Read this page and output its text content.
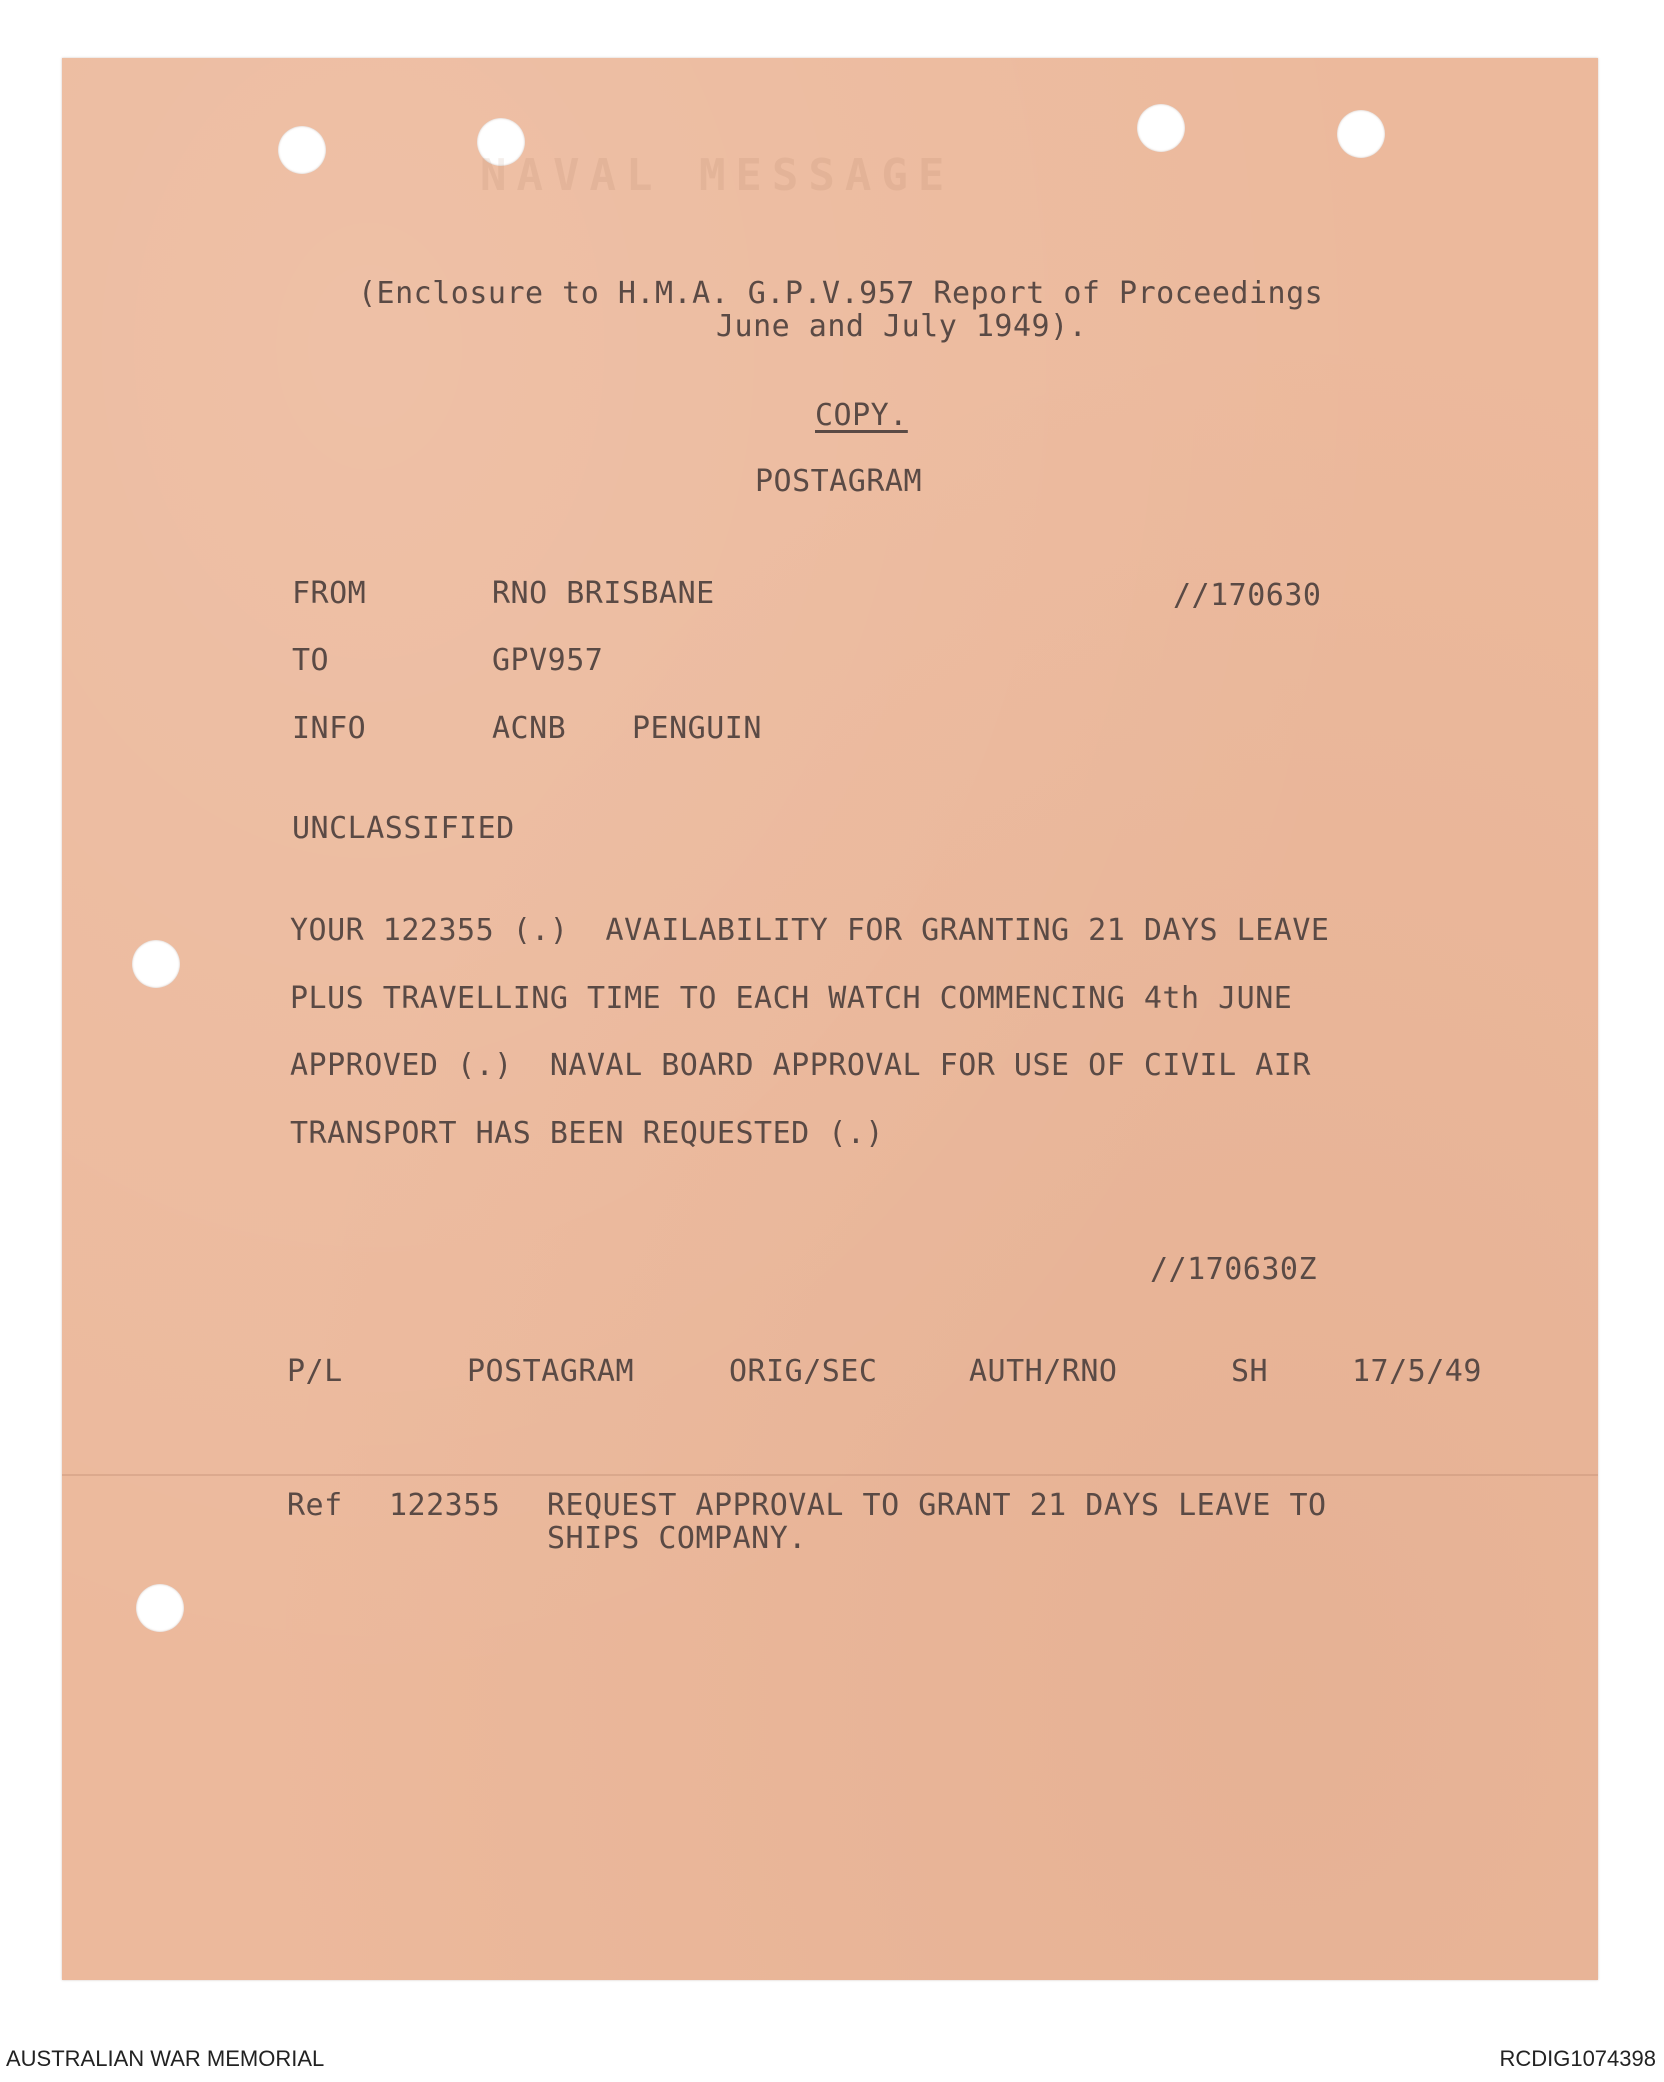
NAVAL MESSAGE
(Enclosure to H.M.A. G.P.V.957 Report of Proceedings
June and July 1949).
COPY.
POSTAGRAM
FROM	RNO BRISBANE	//170630
TO	GPV957
INFO	ACNB PENGUIN
UNCLASSIFIED
YOUR 122355 (.)  AVAILABILITY FOR GRANTING 21 DAYS LEAVE
PLUS TRAVELLING TIME TO EACH WATCH COMMENCING 4th JUNE
APPROVED (.)  NAVAL BOARD APPROVAL FOR USE OF CIVIL AIR
TRANSPORT HAS BEEN REQUESTED (.)
//170630Z
P/L	POSTAGRAM	ORIG/SEC	AUTH/RNO	SH	17/5/49
Ref 122355 REQUEST APPROVAL TO GRANT 21 DAYS LEAVE TO
SHIPS COMPANY.
AUSTRALIAN WAR MEMORIAL	RCDIG1074398
